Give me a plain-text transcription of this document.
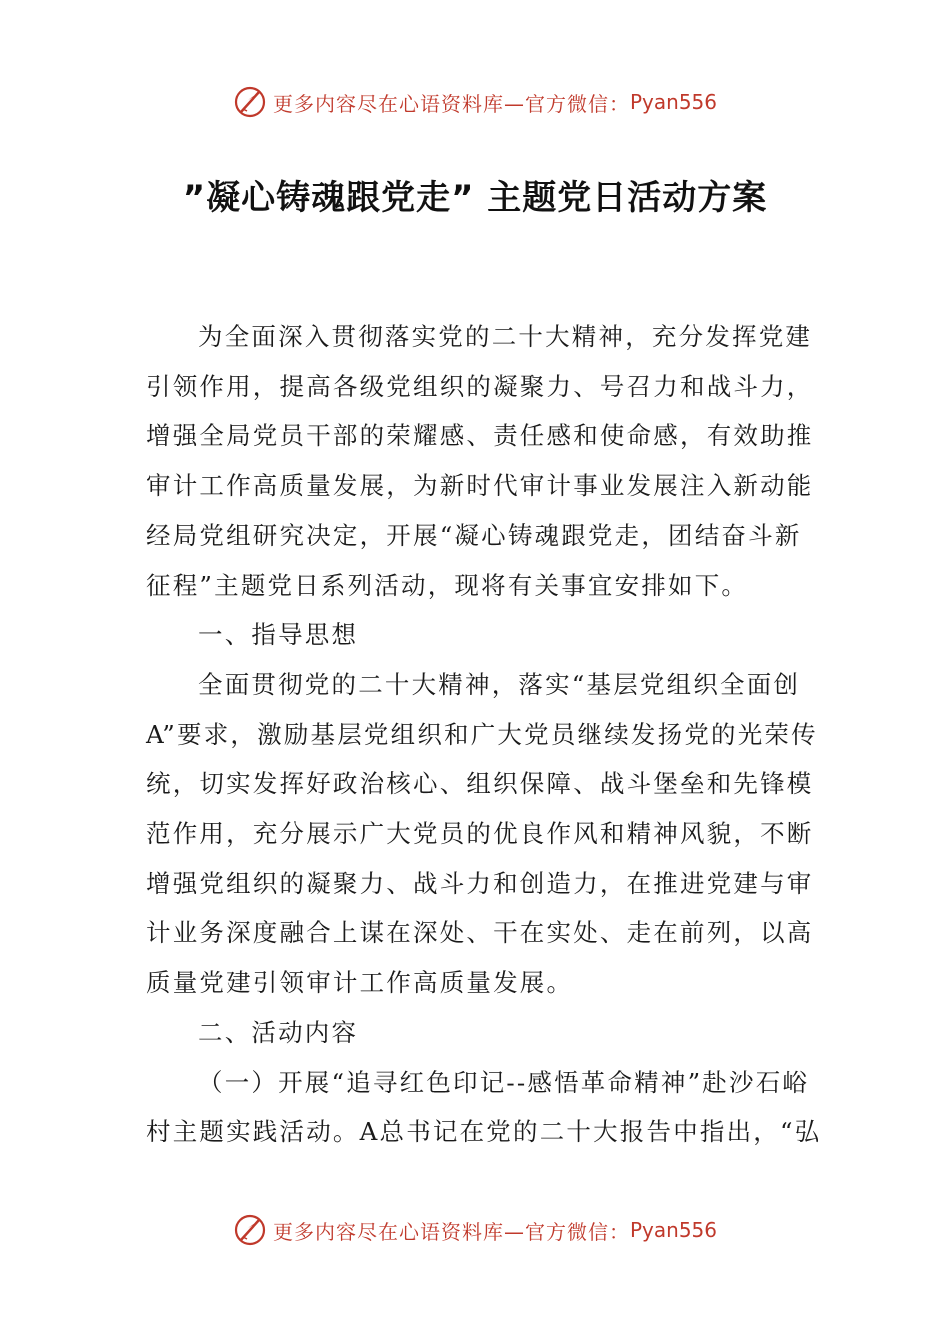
更多内容尽在心语资料库—官方微信： Pyan556
”凝心铸魂跟党走” 主题党日活动方案
为全面深入贯彻落实党的二十大精神，充分发挥党建
引领作用，提高各级党组织的凝聚力、号召力和战斗力，
增强全局党员干部的荣耀感、责任感和使命感，有效助推
审计工作高质量发展，为新时代审计事业发展注入新动能
经局党组研究决定，开展“凝心铸魂跟党走，团结奋斗新
征程”主题党日系列活动，现将有关事宜安排如下。
一、指导思想
全面贯彻党的二十大精神，落实“基层党组织全面创
A”要求，激励基层党组织和广大党员继续发扬党的光荣传
统，切实发挥好政治核心、组织保障、战斗堡垒和先锋模
范作用，充分展示广大党员的优良作风和精神风貌，不断
增强党组织的凝聚力、战斗力和创造力，在推进党建与审
计业务深度融合上谋在深处、干在实处、走在前列，以高
质量党建引领审计工作高质量发展。
二、活动内容
（一）开展“追寻红色印记--感悟革命精神”赴沙石峪
村主题实践活动。A总书记在党的二十大报告中指出，“弘
更多内容尽在心语资料库—官方微信： Pyan556
